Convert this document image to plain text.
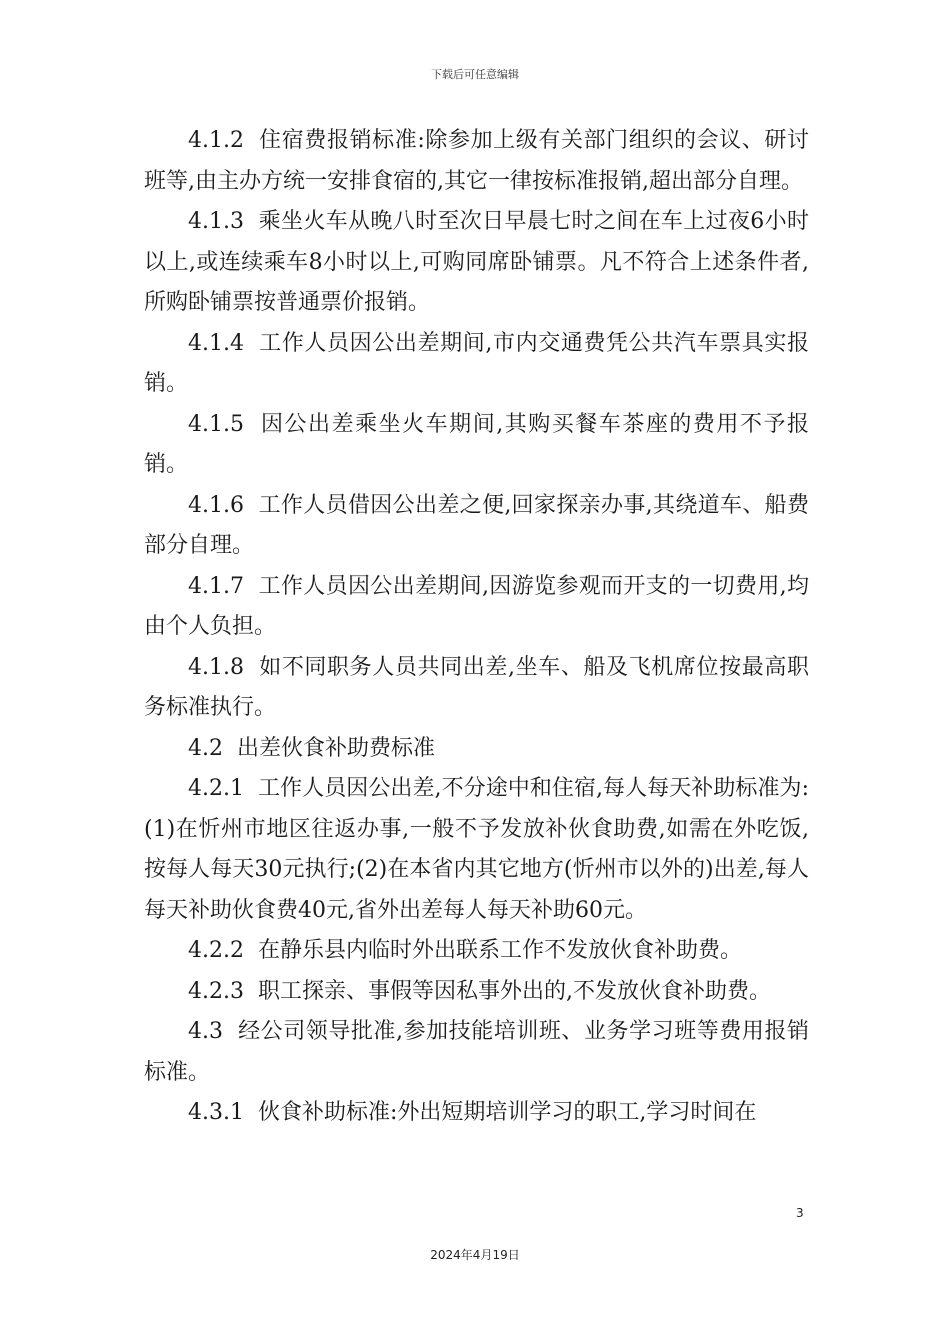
下载后可任意编辑

4.1.2  住宿费报销标准:除参加上级有关部门组织的会议、研讨班等,由主办方统一安排食宿的,其它一律按标准报销,超出部分自理。

4.1.3  乘坐火车从晚八时至次日早晨七时之间在车上过夜6小时以上,或连续乘车8小时以上,可购同席卧铺票。凡不符合上述条件者,所购卧铺票按普通票价报销。

4.1.4  工作人员因公出差期间,市内交通费凭公共汽车票具实报销。

4.1.5  因公出差乘坐火车期间,其购买餐车茶座的费用不予报销。

4.1.6  工作人员借因公出差之便,回家探亲办事,其绕道车、船费部分自理。

4.1.7  工作人员因公出差期间,因游览参观而开支的一切费用,均由个人负担。

4.1.8  如不同职务人员共同出差,坐车、船及飞机席位按最高职务标准执行。

4.2  出差伙食补助费标准

4.2.1  工作人员因公出差,不分途中和住宿,每人每天补助标准为:(1)在忻州市地区往返办事,一般不予发放补伙食助费,如需在外吃饭,按每人每天30元执行;(2)在本省内其它地方(忻州市以外的)出差,每人每天补助伙食费40元,省外出差每人每天补助60元。

4.2.2  在静乐县内临时外出联系工作不发放伙食补助费。

4.2.3  职工探亲、事假等因私事外出的,不发放伙食补助费。

4.3  经公司领导批准,参加技能培训班、业务学习班等费用报销标准。

4.3.1  伙食补助标准:外出短期培训学习的职工,学习时间在

3
2024年4月19日
